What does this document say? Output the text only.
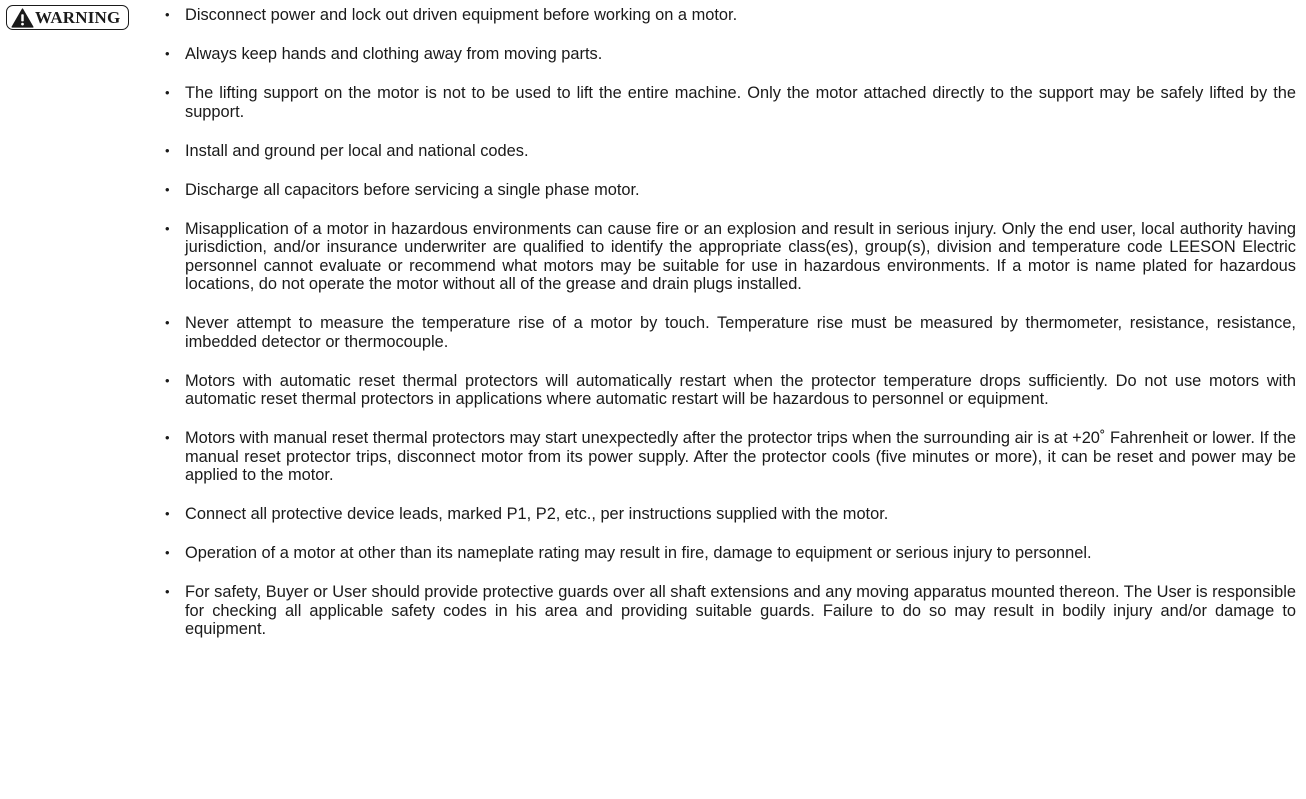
WARNING	• Disconnect power and lock out driven equipment before working on a motor.
• Always keep hands and clothing away from moving parts.
• The lifting support on the motor is not to be used to lift the entire machine. Only the motor attached directly to the support may be safely lifted by the support.
• Install and ground per local and national codes.
• Discharge all capacitors before servicing a single phase motor.
• Misapplication of a motor in hazardous environments can cause fire or an explosion and result in serious injury. Only the end user, local authority having jurisdiction, and/or insurance underwriter are qualified to identify the appropriate class(es), group(s), division and temperature code LEESON Electric personnel cannot evaluate or recommend what motors may be suitable for use in hazardous environments. If a motor is name plated for hazardous locations, do not operate the motor without all of the grease and drain plugs installed.
• Never attempt to measure the temperature rise of a motor by touch. Temperature rise must be measured by thermometer, resistance, resistance, imbedded detector or thermocouple.
• Motors with automatic reset thermal protectors will automatically restart when the protector temperature drops sufficiently. Do not use motors with automatic reset thermal protectors in applications where automatic restart will be hazardous to personnel or equipment.
• Motors with manual reset thermal protectors may start unexpectedly after the protector trips when the surrounding air is at +20˚ Fahrenheit or lower. If the manual reset protector trips, disconnect motor from its power supply. After the protector cools (five minutes or more), it can be reset and power may be applied to the motor.
• Connect all protective device leads, marked P1, P2, etc., per instructions supplied with the motor.
• Operation of a motor at other than its nameplate rating may result in fire, damage to equipment or serious injury to personnel.
• For safety, Buyer or User should provide protective guards over all shaft extensions and any moving apparatus mounted thereon. The User is responsible for checking all applicable safety codes in his area and providing suitable guards. Failure to do so may result in bodily injury and/or damage to equipment.
